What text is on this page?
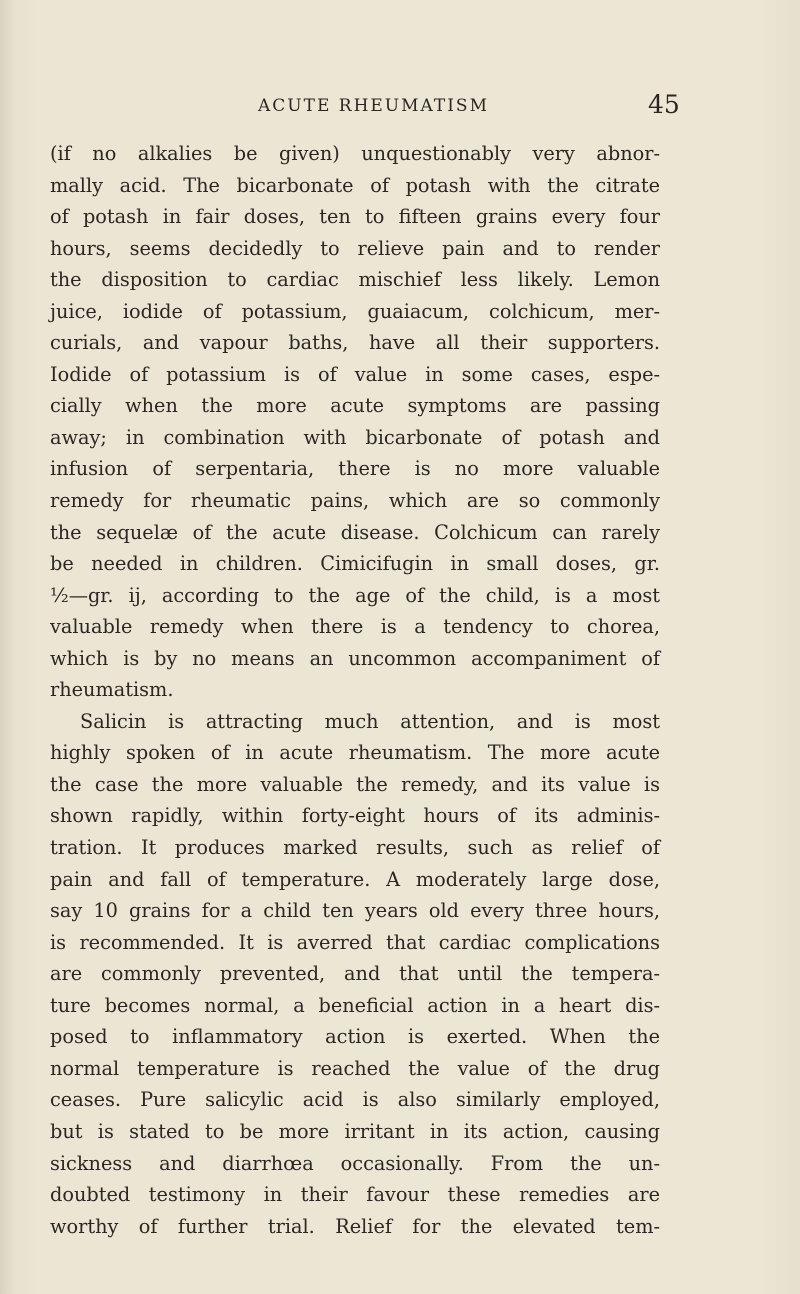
ACUTE RHEUMATISM	45
(if no alkalies be given) unquestionably very abnor-
mally acid. The bicarbonate of potash with the citrate
of potash in fair doses, ten to fifteen grains every four
hours, seems decidedly to relieve pain and to render
the disposition to cardiac mischief less likely. Lemon
juice, iodide of potassium, guaiacum, colchicum, mer-
curials, and vapour baths, have all their supporters.
Iodide of potassium is of value in some cases, espe-
cially when the more acute symptoms are passing
away; in combination with bicarbonate of potash and
infusion of serpentaria, there is no more valuable
remedy for rheumatic pains, which are so commonly
the sequelæ of the acute disease. Colchicum can rarely
be needed in children. Cimicifugin in small doses, gr.
½—gr. ij, according to the age of the child, is a most
valuable remedy when there is a tendency to chorea,
which is by no means an uncommon accompaniment of
rheumatism.
Salicin is attracting much attention, and is most
highly spoken of in acute rheumatism. The more acute
the case the more valuable the remedy, and its value is
shown rapidly, within forty-eight hours of its adminis-
tration. It produces marked results, such as relief of
pain and fall of temperature. A moderately large dose,
say 10 grains for a child ten years old every three hours,
is recommended. It is averred that cardiac complications
are commonly prevented, and that until the tempera-
ture becomes normal, a beneficial action in a heart dis-
posed to inflammatory action is exerted. When the
normal temperature is reached the value of the drug
ceases. Pure salicylic acid is also similarly employed,
but is stated to be more irritant in its action, causing
sickness and diarrhœa occasionally. From the un-
doubted testimony in their favour these remedies are
worthy of further trial. Relief for the elevated tem-
